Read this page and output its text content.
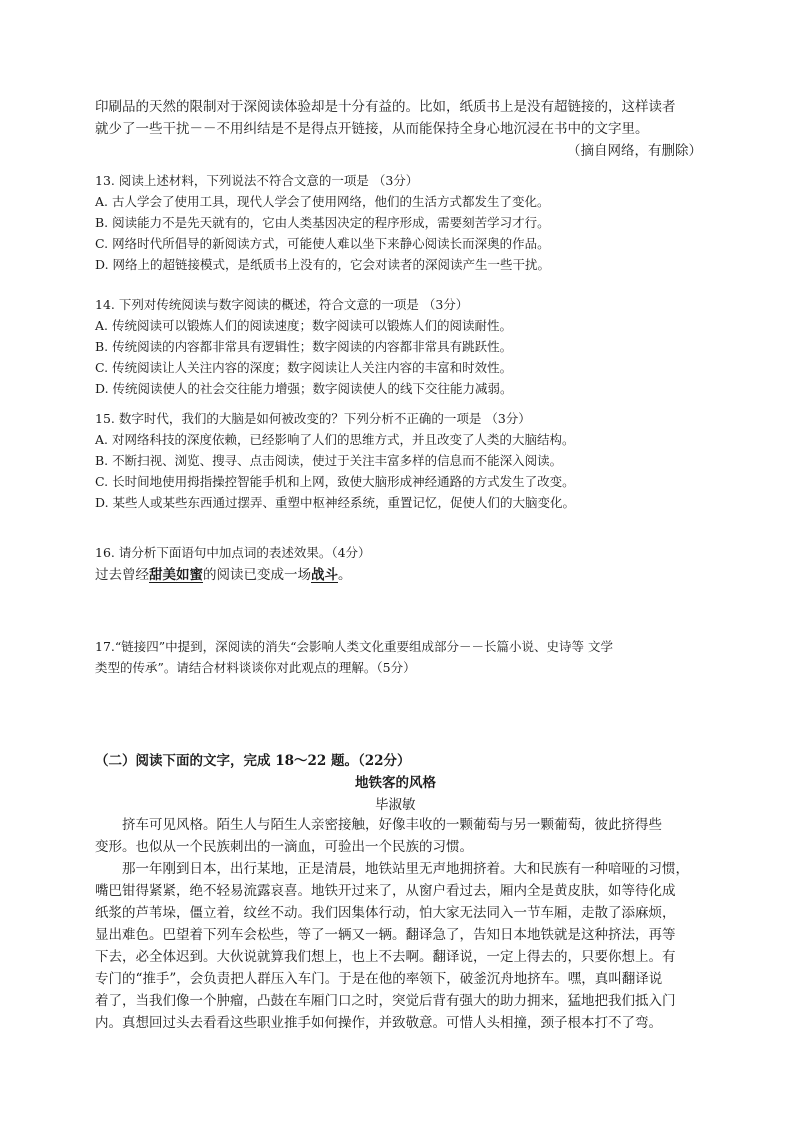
印刷品的天然的限制对于深阅读体验却是十分有益的。比如，纸质书上是没有超链接的，这样读者
就少了一些干扰－－不用纠结是不是得点开链接，从而能保持全身心地沉浸在书中的文字里。
（摘自网络，有删除）
13. 阅读上述材料，下列说法不符合文意的一项是 （3分）
A. 古人学会了使用工具，现代人学会了使用网络，他们的生活方式都发生了变化。
B. 阅读能力不是先天就有的，它由人类基因决定的程序形成，需要刻苦学习才行。
C. 网络时代所倡导的新阅读方式，可能使人难以坐下来静心阅读长而深奥的作品。
D. 网络上的超链接模式，是纸质书上没有的，它会对读者的深阅读产生一些干扰。
14. 下列对传统阅读与数字阅读的概述，符合文意的一项是 （3分）
A. 传统阅读可以锻炼人们的阅读速度；数字阅读可以锻炼人们的阅读耐性。
B. 传统阅读的内容都非常具有逻辑性；数字阅读的内容都非常具有跳跃性。
C. 传统阅读让人关注内容的深度；数字阅读让人关注内容的丰富和时效性。
D. 传统阅读使人的社会交往能力增强；数字阅读使人的线下交往能力减弱。
15. 数字时代，我们的大脑是如何被改变的？下列分析不正确的一项是 （3分）
A. 对网络科技的深度依赖，已经影响了人们的思维方式，并且改变了人类的大脑结构。
B. 不断扫视、浏览、搜寻、点击阅读，使过于关注丰富多样的信息而不能深入阅读。
C. 长时间地使用拇指操控智能手机和上网，致使大脑形成神经通路的方式发生了改变。
D. 某些人或某些东西通过摆弄、重塑中枢神经系统，重置记忆，促使人们的大脑变化。
16. 请分析下面语句中加点词的表述效果。（4分）
过去曾经甜美如蜜的阅读已变成一场战斗。
17.“链接四”中提到，深阅读的消失“会影响人类文化重要组成部分－－长篇小说、史诗等 文学
类型的传承”。请结合材料谈谈你对此观点的理解。（5分）
（二）阅读下面的文字，完成 18～22 题。（22分）
地铁客的风格
毕淑敏
挤车可见风格。陌生人与陌生人亲密接触，好像丰收的一颗葡萄与另一颗葡萄，彼此挤得些
变形。也似从一个民族刺出的一滴血，可验出一个民族的习惯。
那一年刚到日本，出行某地，正是清晨，地铁站里无声地拥挤着。大和民族有一种喑哑的习惯，
嘴巴钳得紧紧，绝不轻易流露哀喜。地铁开过来了，从窗户看过去，厢内全是黄皮肤，如等待化成
纸浆的芦苇垛，僵立着，纹丝不动。我们因集体行动，怕大家无法同入一节车厢，走散了添麻烦，
显出难色。巴望着下列车会松些，等了一辆又一辆。翻译急了，告知日本地铁就是这种挤法，再等
下去，必全体迟到。大伙说就算我们想上，也上不去啊。翻译说，一定上得去的，只要你想上。有
专门的“推手”，会负责把人群压入车门。于是在他的率领下，破釜沉舟地挤车。嘿，真叫翻译说
着了，当我们像一个肿瘤，凸鼓在车厢门口之时，突觉后背有强大的助力拥来，猛地把我们抵入门
内。真想回过头去看看这些职业推手如何操作，并致敬意。可惜人头相撞，颈子根本打不了弯。
